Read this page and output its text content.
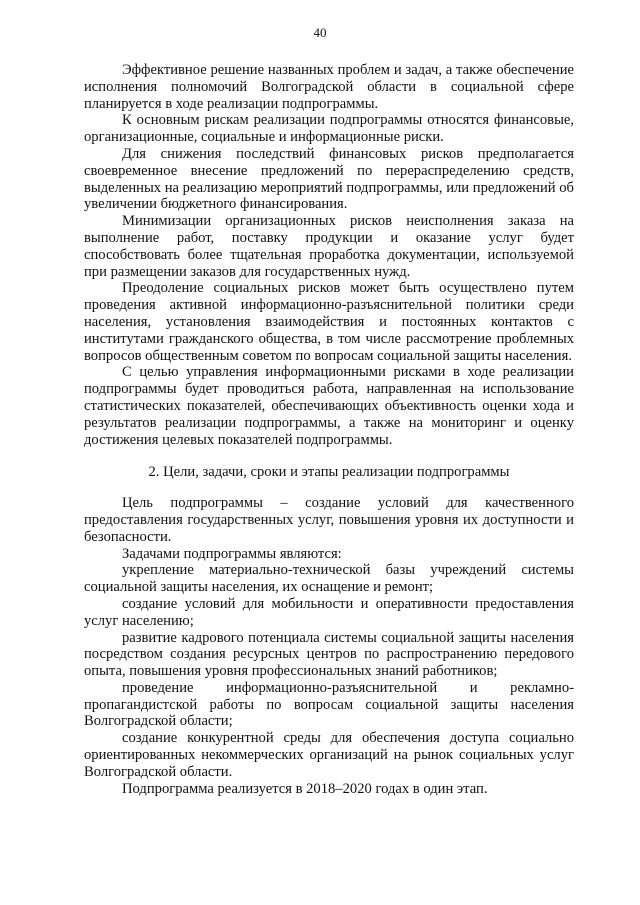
40

Эффективное решение названных проблем и задач, а также обеспечение исполнения полномочий Волгоградской области в социальной сфере планируется в ходе реализации подпрограммы.

К основным рискам реализации подпрограммы относятся финансовые, организационные, социальные и информационные риски.

Для снижения последствий финансовых рисков предполагается своевременное внесение предложений по перераспределению средств, выделенных на реализацию мероприятий подпрограммы, или предложений об увеличении бюджетного финансирования.

Минимизации организационных рисков неисполнения заказа на выполнение работ, поставку продукции и оказание услуг будет способствовать более тщательная проработка документации, используемой при размещении заказов для государственных нужд.

Преодоление социальных рисков может быть осуществлено путем проведения активной информационно-разъяснительной политики среди населения, установления взаимодействия и постоянных контактов с институтами гражданского общества, в том числе рассмотрение проблемных вопросов общественным советом по вопросам социальной защиты населения.

С целью управления информационными рисками в ходе реализации подпрограммы будет проводиться работа, направленная на использование статистических показателей, обеспечивающих объективность оценки хода и результатов реализации подпрограммы, а также на мониторинг и оценку достижения целевых показателей подпрограммы.

2. Цели, задачи, сроки и этапы реализации подпрограммы

Цель подпрограммы – создание условий для качественного предоставления государственных услуг, повышения уровня их доступности и безопасности.

Задачами подпрограммы являются:

укрепление материально-технической базы учреждений системы социальной защиты населения, их оснащение и ремонт;

создание условий для мобильности и оперативности предоставления услуг населению;

развитие кадрового потенциала системы социальной защиты населения посредством создания ресурсных центров по распространению передового опыта, повышения уровня профессиональных знаний работников;

проведение информационно-разъяснительной и рекламно-пропагандистской работы по вопросам социальной защиты населения Волгоградской области;

создание конкурентной среды для обеспечения доступа социально ориентированных некоммерческих организаций на рынок социальных услуг Волгоградской области.

Подпрограмма реализуется в 2018–2020 годах в один этап.
